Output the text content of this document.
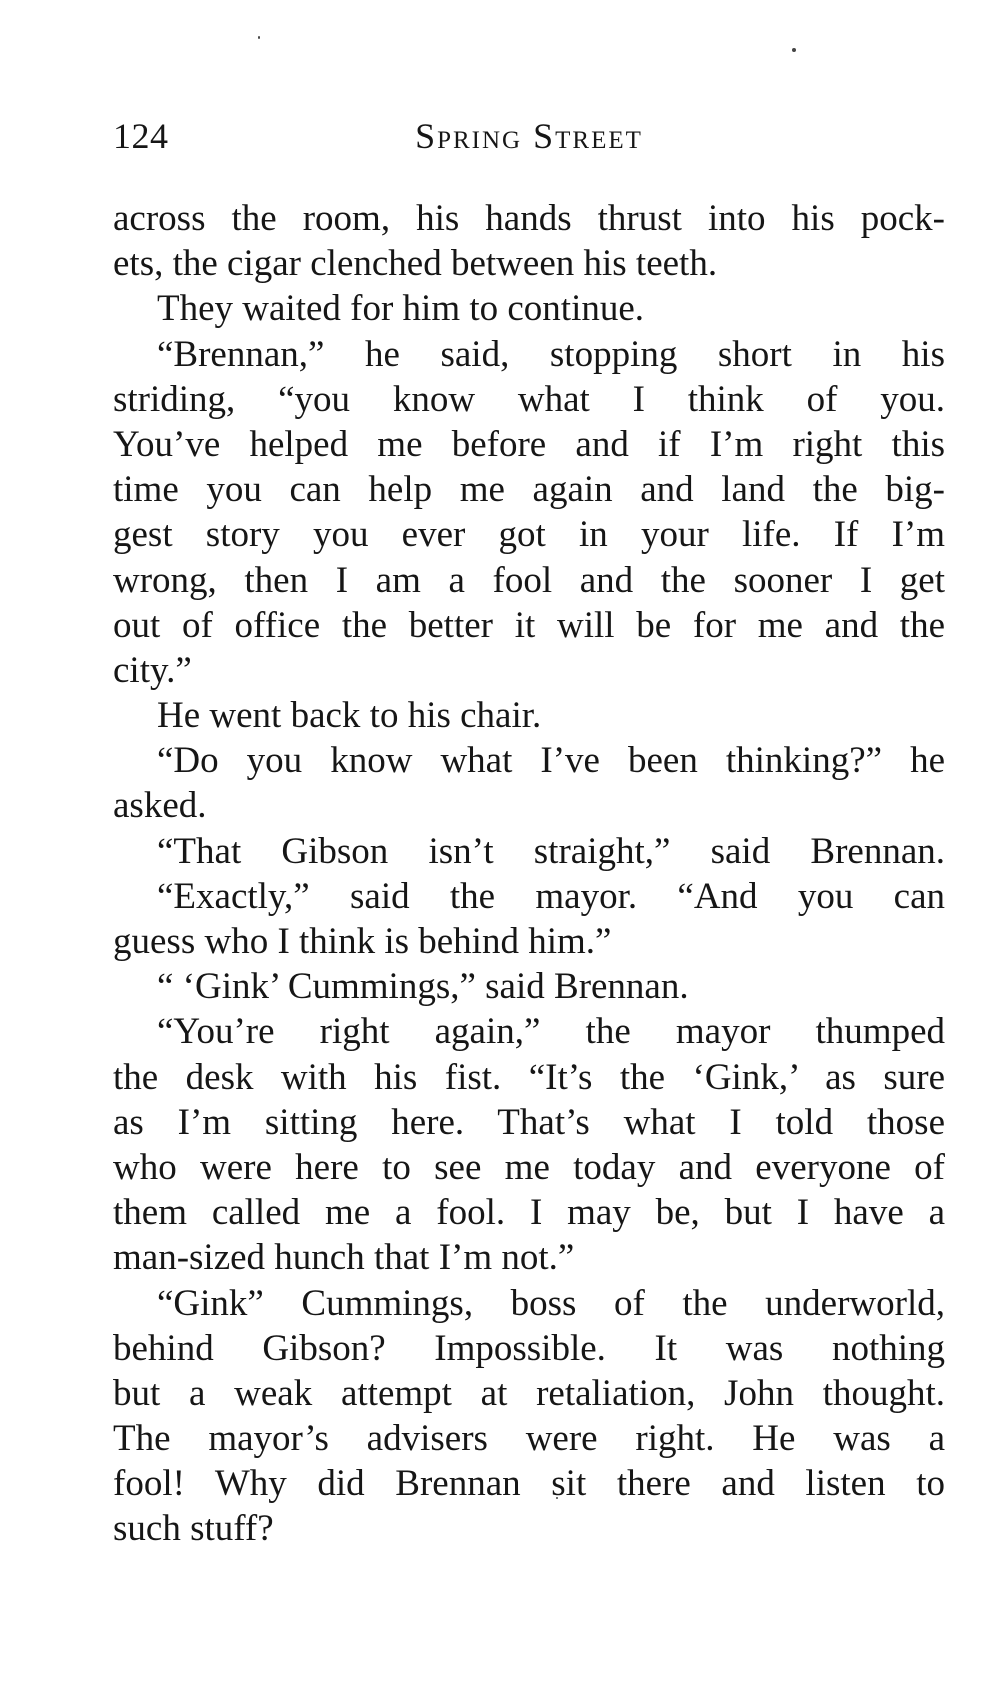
124	Spring Street

across the room, his hands thrust into his pock-
ets, the cigar clenched between his teeth.

They waited for him to continue.

“Brennan,” he said, stopping short in his
striding, “you know what I think of you.
You’ve helped me before and if I’m right this
time you can help me again and land the big-
gest story you ever got in your life. If I’m
wrong, then I am a fool and the sooner I get
out of office the better it will be for me and the
city.”

He went back to his chair.

“Do you know what I’ve been thinking?” he
asked.

“That Gibson isn’t straight,” said Brennan.

“Exactly,” said the mayor. “And you can
guess who I think is behind him.”

“ ‘Gink’ Cummings,” said Brennan.

“You’re right again,” the mayor thumped
the desk with his fist. “It’s the ‘Gink,’ as sure
as I’m sitting here. That’s what I told those
who were here to see me today and everyone of
them called me a fool. I may be, but I have a
man-sized hunch that I’m not.”

“Gink” Cummings, boss of the underworld,
behind Gibson? Impossible. It was nothing
but a weak attempt at retaliation, John thought.
The mayor’s advisers were right. He was a
fool! Why did Brennan sit there and listen to
such stuff?
